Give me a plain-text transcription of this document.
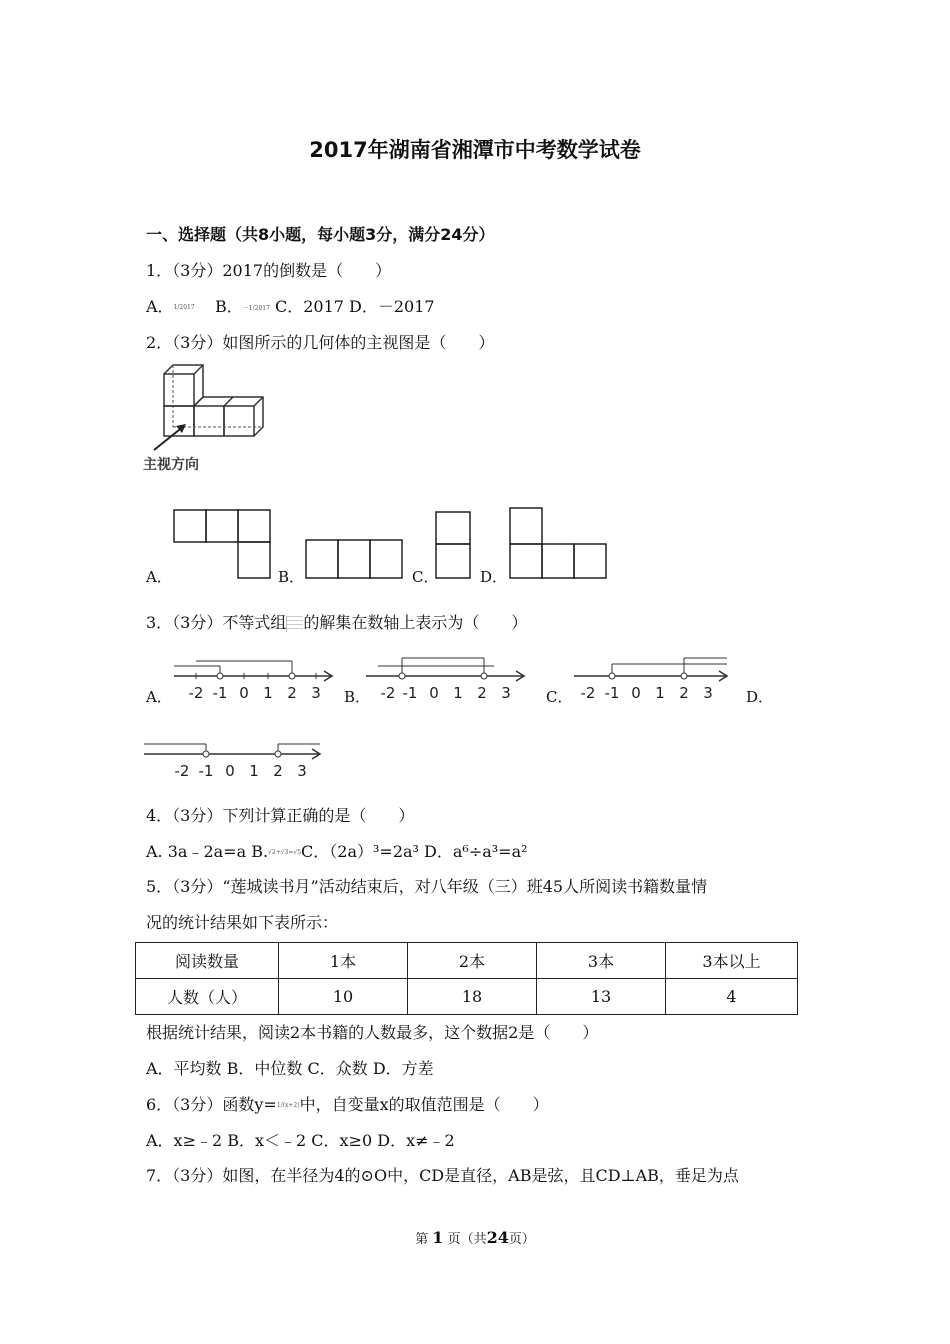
2017年湖南省湘潭市中考数学试卷
一、选择题（共8小题，每小题3分，满分24分）
1．（3分）2017的倒数是（　　）
A．1/2017 B．－1/2017 C．2017 D．－2017
2．（3分）如图所示的几何体的主视图是（　　）
主视方向
A．	B．	C．	D．
3．（3分）不等式组 的解集在数轴上表示为（　　）
A． -2 -1 0 1 2 3 B． -2 -1 0 1 2 3 C． -2 -1 0 1 2 3 D．
-2 -1 0 1 2 3
4．（3分）下列计算正确的是（　　）
A. 3a﹣2a=a B.√2+√3=√5C．（2a）³=2a³ D．a⁶÷a³=a²
5．（3分）“莲城读书月”活动结束后，对八年级（三）班45人所阅读书籍数量情
况的统计结果如下表所示：
阅读数量	1本	2本	3本	3本以上
人数（人）	10	18	13	4
根据统计结果，阅读2本书籍的人数最多，这个数据2是（　　）
A．平均数 B．中位数 C．众数 D．方差
6．（3分）函数y=1/(x+2)中，自变量x的取值范围是（　　）
A．x≥﹣2 B．x＜﹣2 C．x≥0 D．x≠﹣2
7．（3分）如图，在半径为4的⊙O中，CD是直径，AB是弦，且CD⊥AB，垂足为点
第 1 页（共24页）
